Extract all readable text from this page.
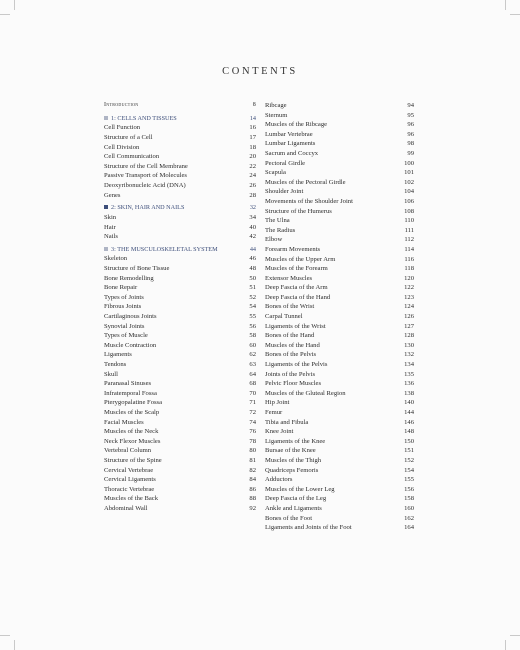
CONTENTS
Introduction	8
1: CELLS AND TISSUES	14
Cell Function	16
Structure of a Cell	17
Cell Division	18
Cell Communication	20
Structure of the Cell Membrane	22
Passive Transport of Molecules	24
Deoxyribonucleic Acid (DNA)	26
Genes	28
2: SKIN, HAIR AND NAILS	32
Skin	34
Hair	40
Nails	42
3: THE MUSCULOSKELETAL SYSTEM	44
Skeleton	46
Structure of Bone Tissue	48
Bone Remodelling	50
Bone Repair	51
Types of Joints	52
Fibrous Joints	54
Cartilaginous Joints	55
Synovial Joints	56
Types of Muscle	58
Muscle Contraction	60
Ligaments	62
Tendons	63
Skull	64
Paranasal Sinuses	68
Infratemporal Fossa	70
Pterygopalatine Fossa	71
Muscles of the Scalp	72
Facial Muscles	74
Muscles of the Neck	76
Neck Flexor Muscles	78
Vertebral Column	80
Structure of the Spine	81
Cervical Vertebrae	82
Cervical Ligaments	84
Thoracic Vertebrae	86
Muscles of the Back	88
Abdominal Wall	92
Ribcage	94
Sternum	95
Muscles of the Ribcage	96
Lumbar Vertebrae	96
Lumbar Ligaments	98
Sacrum and Coccyx	99
Pectoral Girdle	100
Scapula	101
Muscles of the Pectoral Girdle	102
Shoulder Joint	104
Movements of the Shoulder Joint	106
Structure of the Humerus	108
The Ulna	110
The Radius	111
Elbow	112
Forearm Movements	114
Muscles of the Upper Arm	116
Muscles of the Forearm	118
Extensor Muscles	120
Deep Fascia of the Arm	122
Deep Fascia of the Hand	123
Bones of the Wrist	124
Carpal Tunnel	126
Ligaments of the Wrist	127
Bones of the Hand	128
Muscles of the Hand	130
Bones of the Pelvis	132
Ligaments of the Pelvis	134
Joints of the Pelvis	135
Pelvic Floor Muscles	136
Muscles of the Gluteal Region	138
Hip Joint	140
Femur	144
Tibia and Fibula	146
Knee Joint	148
Ligaments of the Knee	150
Bursae of the Knee	151
Muscles of the Thigh	152
Quadriceps Femoris	154
Adductors	155
Muscles of the Lower Leg	156
Deep Fascia of the Leg	158
Ankle and Ligaments	160
Bones of the Foot	162
Ligaments and Joints of the Foot	164
